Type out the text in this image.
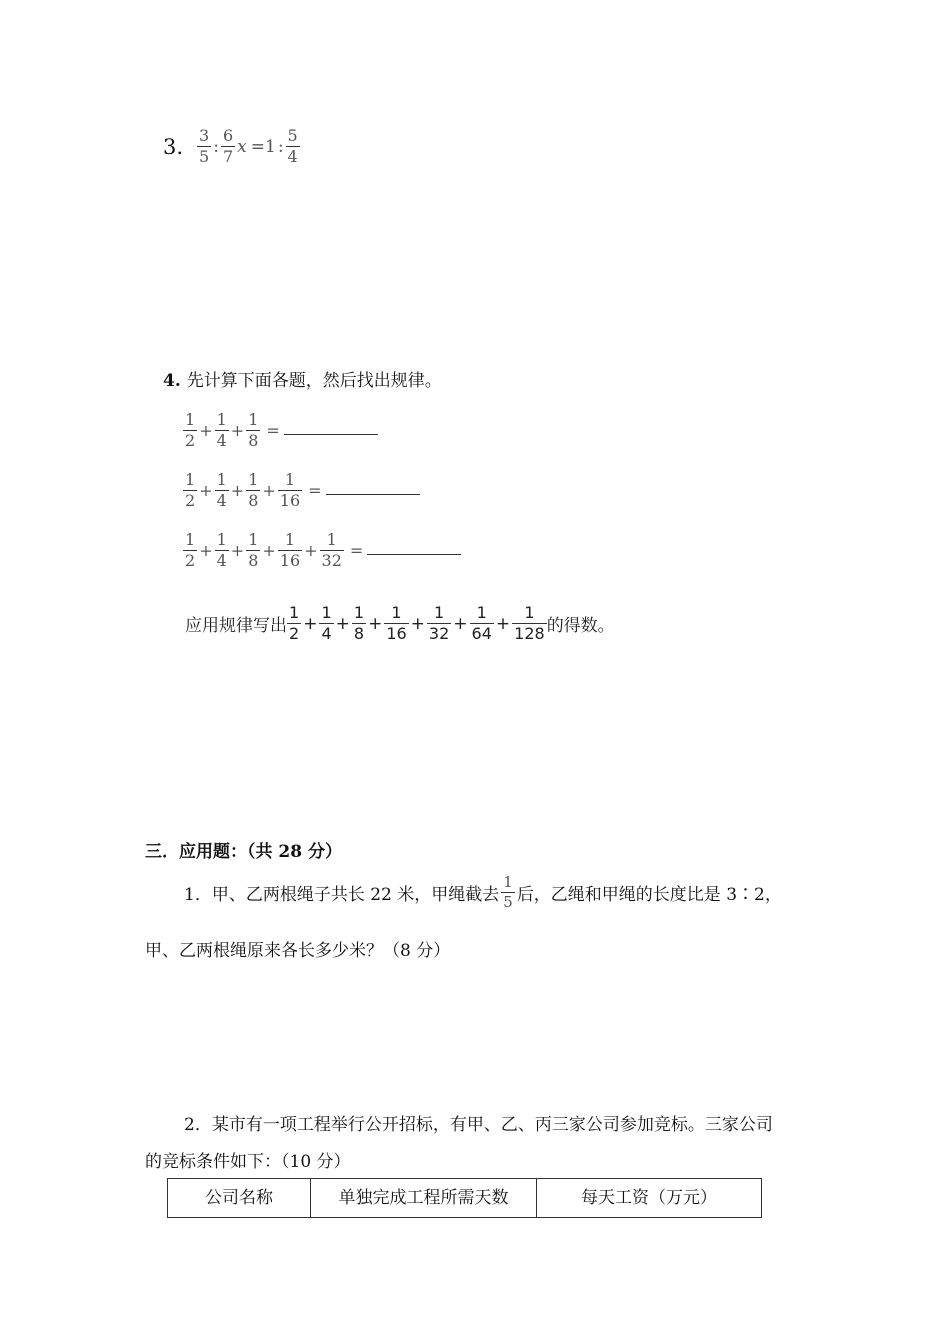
3. $\frac{3}{5}$ : $\frac{6}{7}$ x =1 : $\frac{5}{4}$
4. 先计算下面各题，然后找出规律。
$\frac{1}{2} + \frac{1}{4} + \frac{1}{8}$ =
$\frac{1}{2} + \frac{1}{4} + \frac{1}{8} + \frac{1}{16}$ =
$\frac{1}{2} + \frac{1}{4} + \frac{1}{8} + \frac{1}{16} + \frac{1}{32}$ =
应用规律写出 $\frac{1}{2} + \frac{1}{4} + \frac{1}{8} + \frac{1}{16} + \frac{1}{32} + \frac{1}{64} + \frac{1}{128}$ 的得数。
三．应用题：（共 28 分）
1．甲、乙两根绳子共长 22 米，甲绳截去 $\frac{1}{5}$ 后，乙绳和甲绳的长度比是 3∶2，
甲、乙两根绳原来各长多少米？（8 分）
2．某市有一项工程举行公开招标，有甲、乙、丙三家公司参加竞标。三家公司
的竞标条件如下：（10 分）
公司名称	单独完成工程所需天数	每天工资（万元）
